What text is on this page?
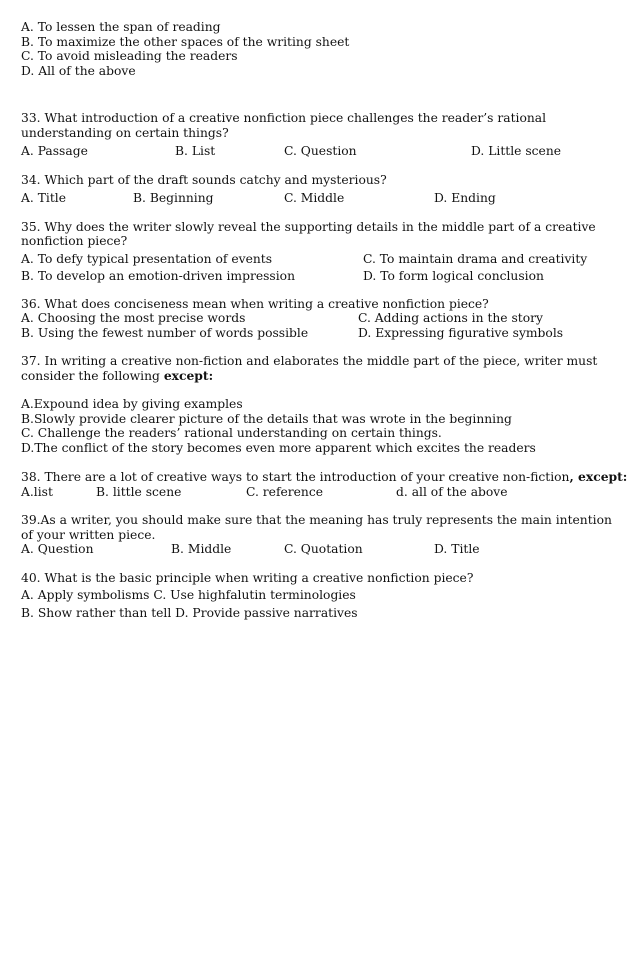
A. To lessen the span of reading
B. To maximize the other spaces of the writing sheet
C. To avoid misleading the readers
D. All of the above
33. What introduction of a creative nonfiction piece challenges the reader’s rational
understanding on certain things?
A. Passage	B. List	C. Question	D. Little scene
34. Which part of the draft sounds catchy and mysterious?
A. Title	B. Beginning	C. Middle	D. Ending
35. Why does the writer slowly reveal the supporting details in the middle part of a creative
nonfiction piece?
A. To defy typical presentation of events	C. To maintain drama and creativity
B. To develop an emotion-driven impression	D. To form logical conclusion
36. What does conciseness mean when writing a creative nonfiction piece?
A. Choosing the most precise words	C. Adding actions in the story
B. Using the fewest number of words possible	D. Expressing figurative symbols
37. In writing a creative non-fiction and elaborates the middle part of the piece, writer must
consider the following except:
A.Expound idea by giving examples
B.Slowly provide clearer picture of the details that was wrote in the beginning
C. Challenge the readers’ rational understanding on certain things.
D.The conflict of the story becomes even more apparent which excites the readers
38. There are a lot of creative ways to start the introduction of your creative non-fiction, except:
A.list	B. little scene	C. reference	d. all of the above
39.As a writer, you should make sure that the meaning has truly represents the main intention
of your written piece.
A. Question	B. Middle	C. Quotation	D. Title
40. What is the basic principle when writing a creative nonfiction piece?
A. Apply symbolisms C. Use highfalutin terminologies
B. Show rather than tell D. Provide passive narratives
